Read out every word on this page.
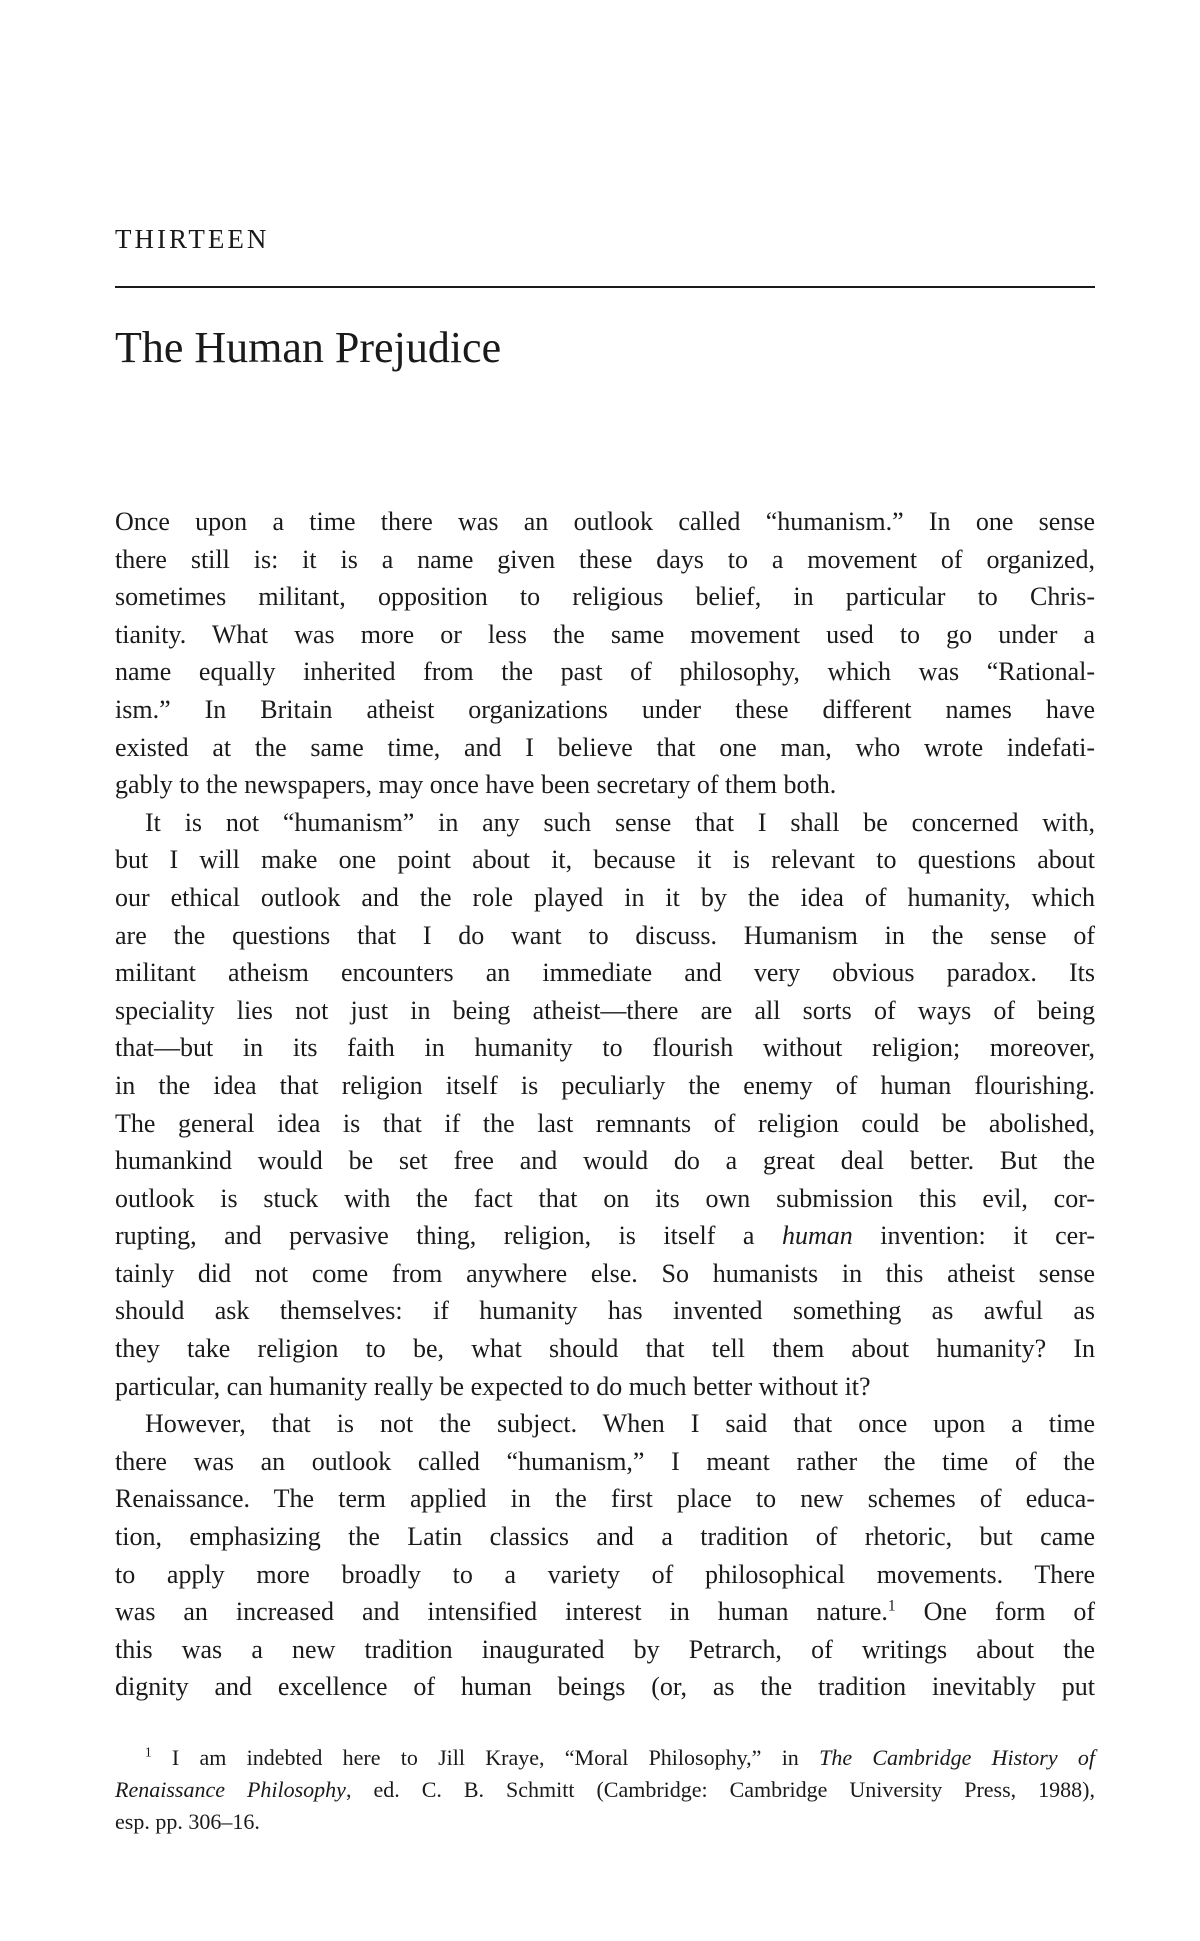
THIRTEEN
The Human Prejudice
Once upon a time there was an outlook called “humanism.” In one sense
there still is: it is a name given these days to a movement of organized,
sometimes militant, opposition to religious belief, in particular to Chris-
tianity. What was more or less the same movement used to go under a
name equally inherited from the past of philosophy, which was “Rational-
ism.” In Britain atheist organizations under these different names have
existed at the same time, and I believe that one man, who wrote indefati-
gably to the newspapers, may once have been secretary of them both.
It is not “humanism” in any such sense that I shall be concerned with,
but I will make one point about it, because it is relevant to questions about
our ethical outlook and the role played in it by the idea of humanity, which
are the questions that I do want to discuss. Humanism in the sense of
militant atheism encounters an immediate and very obvious paradox. Its
speciality lies not just in being atheist—there are all sorts of ways of being
that—but in its faith in humanity to flourish without religion; moreover,
in the idea that religion itself is peculiarly the enemy of human flourishing.
The general idea is that if the last remnants of religion could be abolished,
humankind would be set free and would do a great deal better. But the
outlook is stuck with the fact that on its own submission this evil, cor-
rupting, and pervasive thing, religion, is itself a human invention: it cer-
tainly did not come from anywhere else. So humanists in this atheist sense
should ask themselves: if humanity has invented something as awful as
they take religion to be, what should that tell them about humanity? In
particular, can humanity really be expected to do much better without it?
However, that is not the subject. When I said that once upon a time
there was an outlook called “humanism,” I meant rather the time of the
Renaissance. The term applied in the first place to new schemes of educa-
tion, emphasizing the Latin classics and a tradition of rhetoric, but came
to apply more broadly to a variety of philosophical movements. There
was an increased and intensified interest in human nature.$^1$ One form of
this was a new tradition inaugurated by Petrarch, of writings about the
dignity and excellence of human beings (or, as the tradition inevitably put
$^1$ I am indebted here to Jill Kraye, “Moral Philosophy,” in The Cambridge History of
Renaissance Philosophy, ed. C. B. Schmitt (Cambridge: Cambridge University Press, 1988),
esp. pp. 306–16.
